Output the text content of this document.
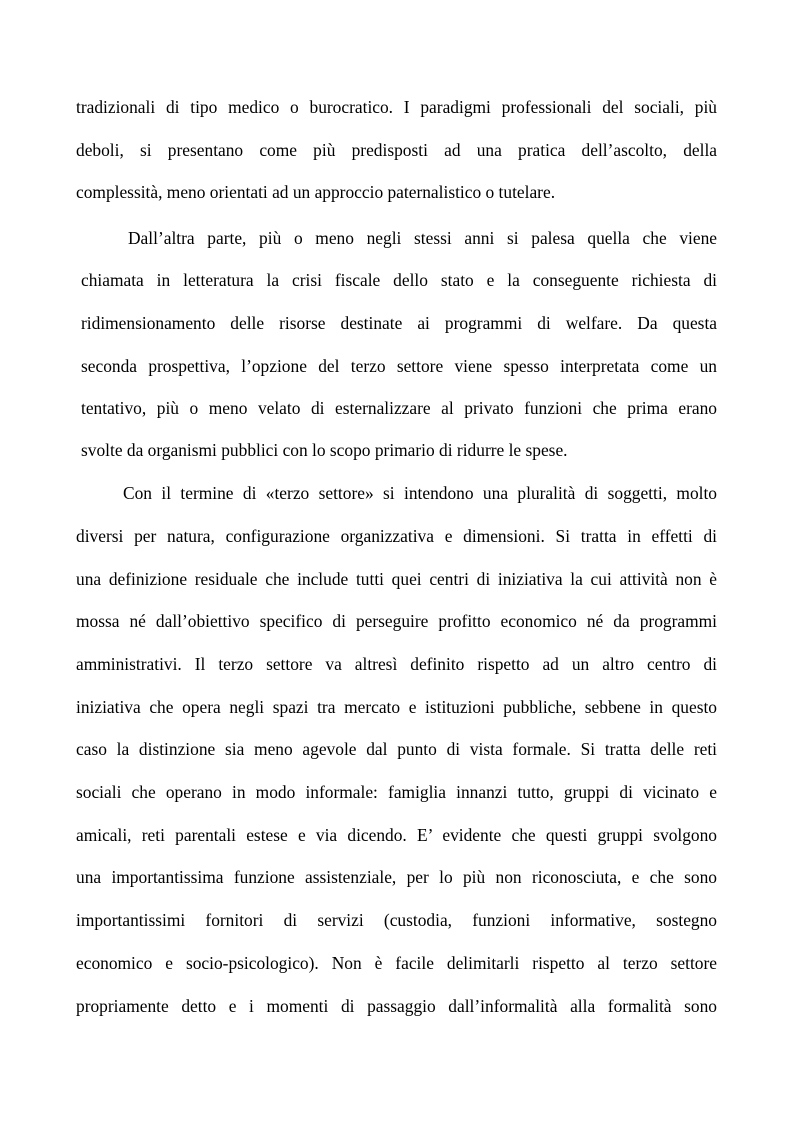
tradizionali di tipo medico o burocratico. I paradigmi professionali del sociali, più
deboli, si presentano come più predisposti ad una pratica dell’ascolto, della
complessità, meno orientati ad un approccio paternalistico o tutelare.
Dall’altra parte, più o meno negli stessi anni si palesa quella che viene
chiamata in letteratura la crisi fiscale dello stato e la conseguente richiesta di
ridimensionamento delle risorse destinate ai programmi di welfare. Da questa
seconda prospettiva, l’opzione del terzo settore viene spesso interpretata come un
tentativo, più o meno velato di esternalizzare al privato funzioni che prima erano
svolte da organismi pubblici con lo scopo primario di ridurre le spese.
Con il termine di «terzo settore» si intendono una pluralità di soggetti, molto
diversi per natura, configurazione organizzativa e dimensioni. Si tratta in effetti di
una definizione residuale che include tutti quei centri di iniziativa la cui attività non è
mossa né dall’obiettivo specifico di perseguire profitto economico né da programmi
amministrativi. Il terzo settore va altresì definito rispetto ad un altro centro di
iniziativa che opera negli spazi tra mercato e istituzioni pubbliche, sebbene in questo
caso la distinzione sia meno agevole dal punto di vista formale. Si tratta delle reti
sociali che operano in modo informale: famiglia innanzi tutto, gruppi di vicinato e
amicali, reti parentali estese e via dicendo. E’ evidente che questi gruppi svolgono
una importantissima funzione assistenziale, per lo più non riconosciuta, e che sono
importantissimi fornitori di servizi (custodia, funzioni informative, sostegno
economico e socio-psicologico). Non è facile delimitarli rispetto al terzo settore
propriamente detto e i momenti di passaggio dall’informalità alla formalità sono
